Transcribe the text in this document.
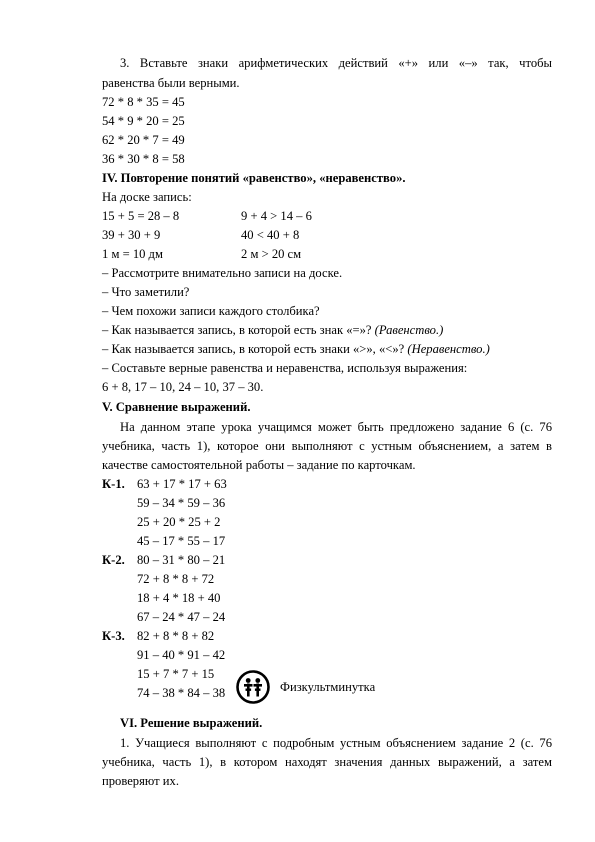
3. Вставьте знаки арифметических действий «+» или «–» так, чтобы
равенства были верными.
72 * 8 * 35 = 45
54 * 9 * 20 = 25
62 * 20 * 7 = 49
36 * 30 * 8 = 58
IV. Повторение понятий «равенство», «неравенство».
На доске запись:
15 + 5 = 28 – 8	9 + 4 > 14 – 6
39 + 30 + 9	40 < 40 + 8
1 м = 10 дм	2 м > 20 см
– Рассмотрите внимательно записи на доске.
– Что заметили?
– Чем похожи записи каждого столбика?
– Как называется запись, в которой есть знак «=»? (Равенство.)
– Как называется запись, в которой есть знаки «>», «<»? (Неравенство.)
– Составьте верные равенства и неравенства, используя выражения:
6 + 8, 17 – 10, 24 – 10, 37 – 30.
V. Сравнение выражений.
На данном этапе урока учащимся может быть предложено задание 6 (с. 76
учебника, часть 1), которое они выполняют с устным объяснением, а затем в
качестве самостоятельной работы – задание по карточкам.
К-1. 63 + 17 * 17 + 63
59 – 34 * 59 – 36
25 + 20 * 25 + 2
45 – 17 * 55 – 17
К-2. 80 – 31 * 80 – 21
72 + 8 * 8 + 72
18 + 4 * 18 + 40
67 – 24 * 47 – 24
К-3. 82 + 8 * 8 + 82
91 – 40 * 91 – 42
15 + 7 * 7 + 15
74 – 38 * 84 – 38	Физкультминутка
VI. Решение выражений.
1. Учащиеся выполняют с подробным устным объяснением задание 2 (с. 76
учебника, часть 1), в котором находят значения данных выражений, а затем
проверяют их.
